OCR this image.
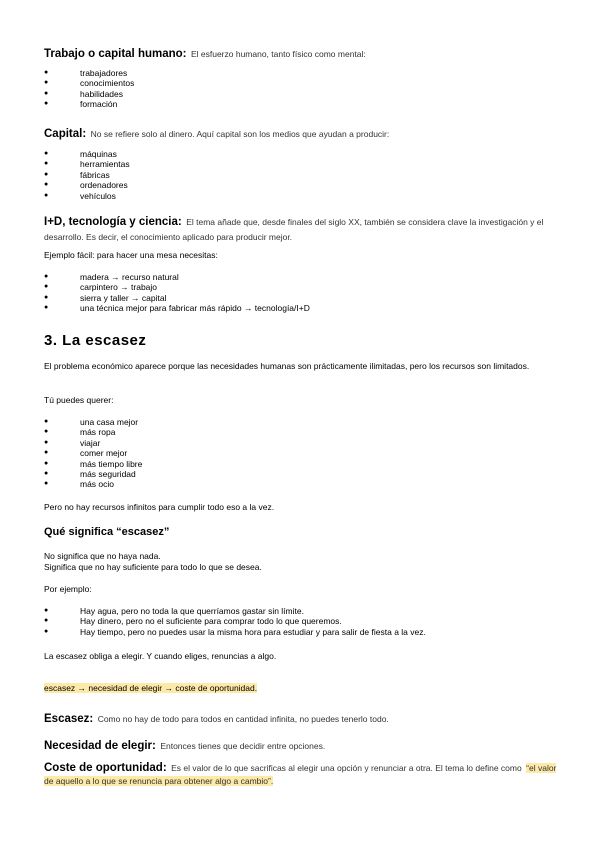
Trabajo o capital humano: El esfuerzo humano, tanto físico como mental:
● trabajadores
● conocimientos
● habilidades
● formación
Capital: No se refiere solo al dinero. Aquí capital son los medios que ayudan a producir:
● máquinas
● herramientas
● fábricas
● ordenadores
● vehículos
I+D, tecnología y ciencia: El tema añade que, desde finales del siglo XX, también se considera clave la investigación y el desarrollo. Es decir, el conocimiento aplicado para producir mejor.
Ejemplo fácil: para hacer una mesa necesitas:
● madera → recurso natural
● carpintero → trabajo
● sierra y taller → capital
● una técnica mejor para fabricar más rápido → tecnología/I+D
3. La escasez
El problema económico aparece porque las necesidades humanas son prácticamente ilimitadas, pero los recursos son limitados.
Tú puedes querer:
● una casa mejor
● más ropa
● viajar
● comer mejor
● más tiempo libre
● más seguridad
● más ocio
Pero no hay recursos infinitos para cumplir todo eso a la vez.
Qué significa “escasez”
No significa que no haya nada.
Significa que no hay suficiente para todo lo que se desea.
Por ejemplo:
● Hay agua, pero no toda la que querríamos gastar sin límite.
● Hay dinero, pero no el suficiente para comprar todo lo que queremos.
● Hay tiempo, pero no puedes usar la misma hora para estudiar y para salir de fiesta a la vez.
La escasez obliga a elegir. Y cuando eliges, renuncias a algo.
escasez → necesidad de elegir → coste de oportunidad.
Escasez: Como no hay de todo para todos en cantidad infinita, no puedes tenerlo todo.
Necesidad de elegir: Entonces tienes que decidir entre opciones.
Coste de oportunidad: Es el valor de lo que sacrificas al elegir una opción y renunciar a otra. El tema lo define como “el valor de aquello a lo que se renuncia para obtener algo a cambio”.
